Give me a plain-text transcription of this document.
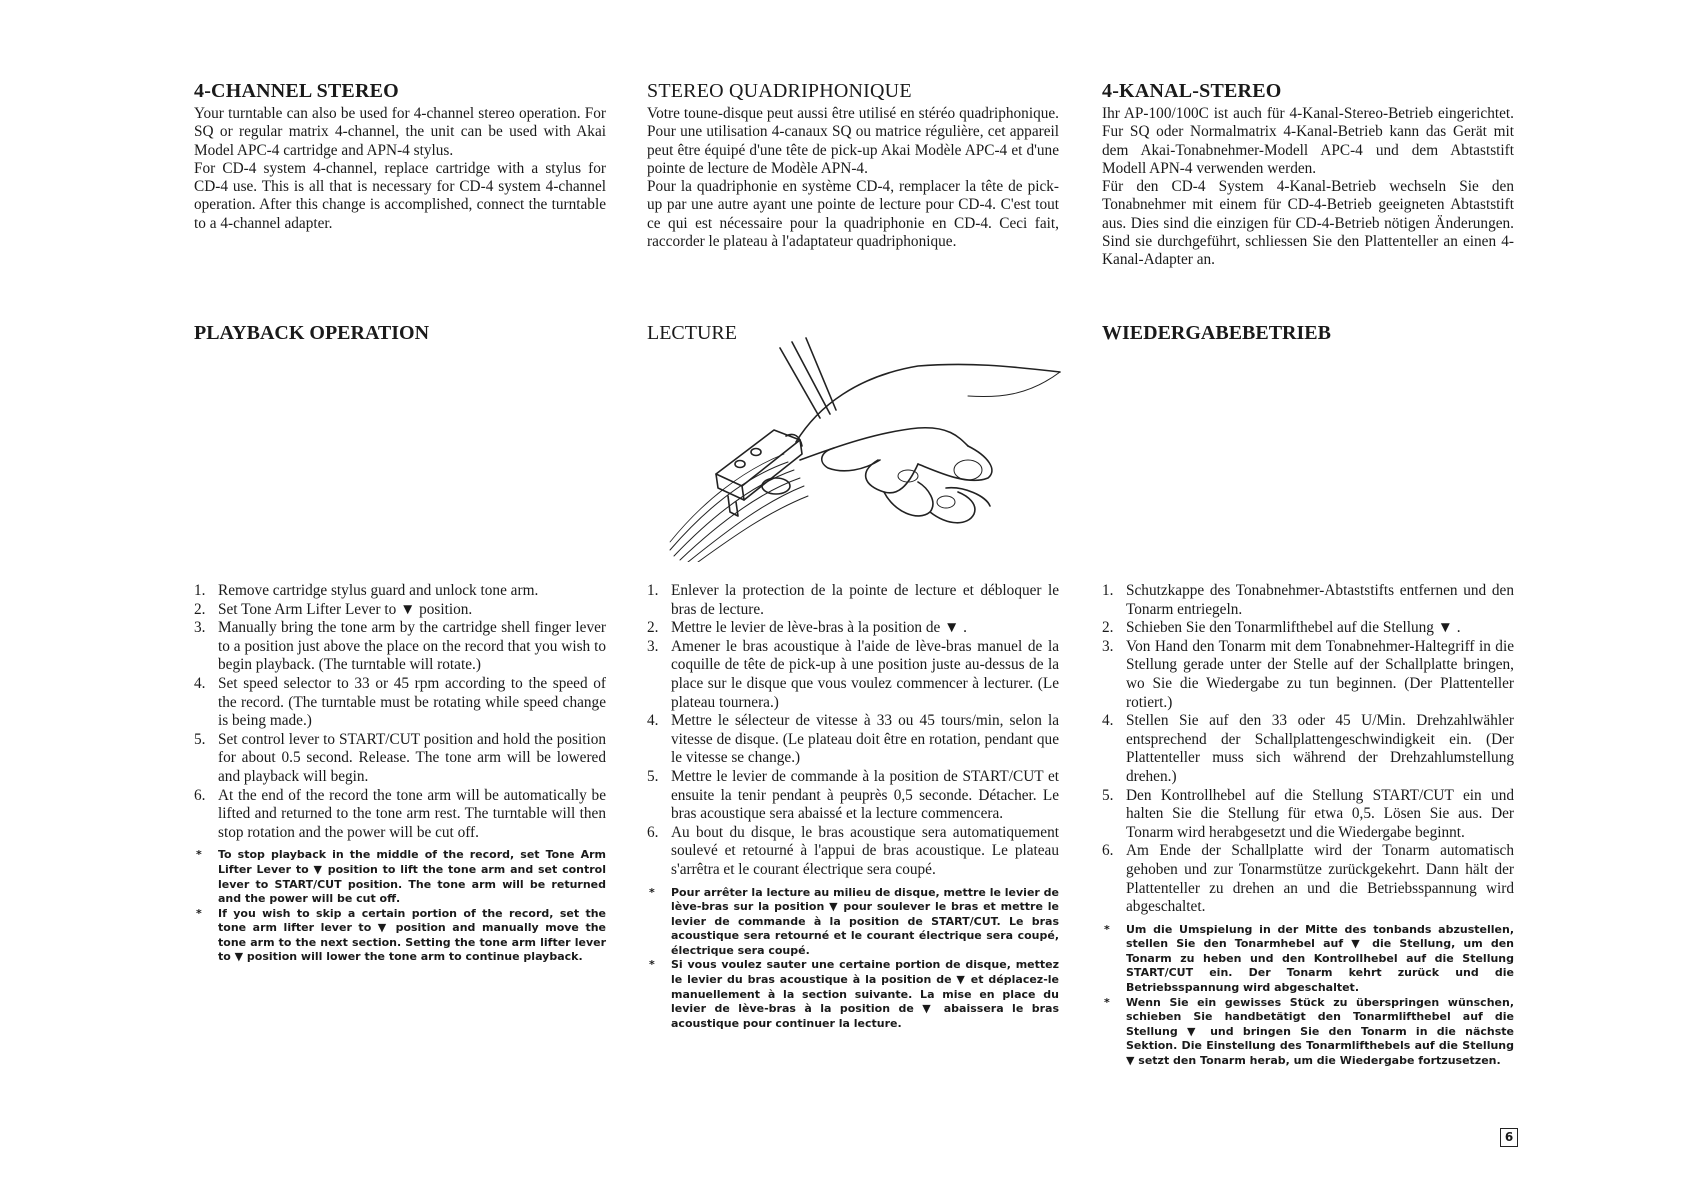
4-CHANNEL STEREO

Your turntable can also be used for 4-channel stereo operation. For SQ or regular matrix 4-channel, the unit can be used with Akai Model APC-4 cartridge and APN-4 stylus.

For CD-4 system 4-channel, replace cartridge with a stylus for CD-4 use. This is all that is necessary for CD-4 system 4-channel operation. After this change is accomplished, connect the turntable to a 4-channel adapter.

STEREO QUADRIPHONIQUE

Votre toune-disque peut aussi être utilisé en stéréo quadriphonique. Pour une utilisation 4-canaux SQ ou matrice régulière, cet appareil peut être équipé d'une tête de pick-up Akai Modèle APC-4 et d'une pointe de lecture de Modèle APN-4.

Pour la quadriphonie en système CD-4, remplacer la tête de pick-up par une autre ayant une pointe de lecture pour CD-4. C'est tout ce qui est nécessaire pour la quadriphonie en CD-4. Ceci fait, raccorder le plateau à l'adaptateur quadriphonique.

4-KANAL-STEREO

Ihr AP-100/100C ist auch für 4-Kanal-Stereo-Betrieb eingerichtet. Fur SQ oder Normalmatrix 4-Kanal-Betrieb kann das Gerät mit dem Akai-Tonabnehmer-Modell APC-4 und dem Abtaststift Modell APN-4 verwenden werden.

Für den CD-4 System 4-Kanal-Betrieb wechseln Sie den Tonabnehmer mit einem für CD-4-Betrieb geeigneten Abtaststift aus. Dies sind die einzigen für CD-4-Betrieb nötigen Änderungen. Sind sie durchgeführt, schliessen Sie den Plattenteller an einen 4-Kanal-Adapter an.

PLAYBACK OPERATION	LECTURE	WIEDERGABEBETRIEB
1. Remove cartridge stylus guard and unlock tone arm.
2. Set Tone Arm Lifter Lever to ▼ position.
3. Manually bring the tone arm by the cartridge shell finger lever to a position just above the place on the record that you wish to begin playback. (The turntable will rotate.)
4. Set speed selector to 33 or 45 rpm according to the speed of the record. (The turntable must be rotating while speed change is being made.)
5. Set control lever to START/CUT position and hold the position for about 0.5 second. Release. The tone arm will be lowered and playback will begin.
6. At the end of the record the tone arm will be automatically be lifted and returned to the tone arm rest. The turntable will then stop rotation and the power will be cut off.
* To stop playback in the middle of the record, set Tone Arm Lifter Lever to ▼ position to lift the tone arm and set control lever to START/CUT position. The tone arm will be returned and the power will be cut off.
* If you wish to skip a certain portion of the record, set the tone arm lifter lever to ▼ position and manually move the tone arm to the next section. Setting the tone arm lifter lever to ▼ position will lower the tone arm to continue playback.
1. Enlever la protection de la pointe de lecture et débloquer le bras de lecture.
2. Mettre le levier de lève-bras à la position de ▼ .
3. Amener le bras acoustique à l'aide de lève-bras manuel de la coquille de tête de pick-up à une position juste au-dessus de la place sur le disque que vous voulez commencer à lecturer. (Le plateau tournera.)
4. Mettre le sélecteur de vitesse à 33 ou 45 tours/min, selon la vitesse de disque. (Le plateau doit être en rotation, pendant que le vitesse se change.)
5. Mettre le levier de commande à la position de START/CUT et ensuite la tenir pendant à peuprès 0,5 seconde. Détacher. Le bras acoustique sera abaissé et la lecture commencera.
6. Au bout du disque, le bras acoustique sera automatiquement soulevé et retourné à l'appui de bras acoustique. Le plateau s'arrêtra et le courant électrique sera coupé.
* Pour arrêter la lecture au milieu de disque, mettre le levier de lève-bras sur la position ▼ pour soulever le bras et mettre le levier de commande à la position de START/CUT. Le bras acoustique sera retourné et le courant électrique sera coupé, électrique sera coupé.
* Si vous voulez sauter une certaine portion de disque, mettez le levier du bras acoustique à la position de ▼ et déplacez-le manuellement à la section suivante. La mise en place du levier de lève-bras à la position de ▼ abaissera le bras acoustique pour continuer la lecture.
1. Schutzkappe des Tonabnehmer-Abtaststifts entfernen und den Tonarm entriegeln.
2. Schieben Sie den Tonarmlifthebel auf die Stellung ▼ .
3. Von Hand den Tonarm mit dem Tonabnehmer-Haltegriff in die Stellung gerade unter der Stelle auf der Schallplatte bringen, wo Sie die Wiedergabe zu tun beginnen. (Der Plattenteller rotiert.)
4. Stellen Sie auf den 33 oder 45 U/Min. Drehzahlwähler entsprechend der Schallplattengeschwindigkeit ein. (Der Plattenteller muss sich während der Drehzahlumstellung drehen.)
5. Den Kontrollhebel auf die Stellung START/CUT ein und halten Sie die Stellung für etwa 0,5. Lösen Sie aus. Der Tonarm wird herabgesetzt und die Wiedergabe beginnt.
6. Am Ende der Schallplatte wird der Tonarm automatisch gehoben und zur Tonarmstütze zurückgekehrt. Dann hält der Plattenteller zu drehen an und die Betriebsspannung wird abgeschaltet.
* Um die Umspielung in der Mitte des tonbands abzustellen, stellen Sie den Tonarmhebel auf ▼ die Stellung, um den Tonarm zu heben und den Kontrollhebel auf die Stellung START/CUT ein. Der Tonarm kehrt zurück und die Betriebsspannung wird abgeschaltet.
* Wenn Sie ein gewisses Stück zu überspringen wünschen, schieben Sie handbetätigt den Tonarmlifthebel auf die Stellung ▼ und bringen Sie den Tonarm in die nächste Sektion. Die Einstellung des Tonarmlifthebels auf die Stellung ▼ setzt den Tonarm herab, um die Wiedergabe fortzusetzen.
6
